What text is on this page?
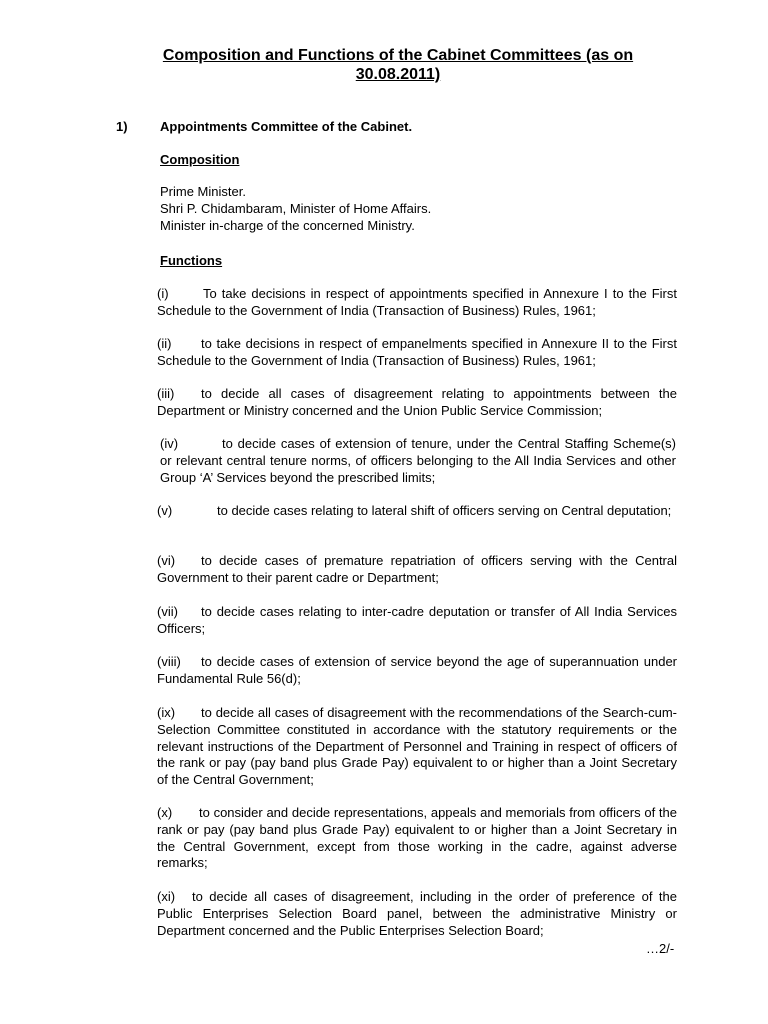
Composition and Functions of the Cabinet Committees (as on 30.08.2011)
1) Appointments Committee of the Cabinet.
Composition
Prime Minister.
Shri P. Chidambaram, Minister of Home Affairs.
Minister in-charge of the concerned Ministry.
Functions
(i)	To take decisions in respect of appointments specified in Annexure I to the First Schedule to the Government of India (Transaction of Business) Rules, 1961;
(ii) to take decisions in respect of empanelments specified in Annexure II to the First Schedule to the Government of India (Transaction of Business) Rules, 1961;
(iii) to decide all cases of disagreement relating to appointments between the Department or Ministry concerned and the Union Public Service Commission;
(iv)	to decide cases of extension of tenure, under the Central Staffing Scheme(s) or relevant central tenure norms, of officers belonging to the All India Services and other Group ‘A’ Services beyond the prescribed limits;
(v)	to decide cases relating to lateral shift of officers serving on Central deputation;
(vi) to decide cases of premature repatriation of officers serving with the Central Government to their parent cadre or Department;
(vii) to decide cases relating to inter-cadre deputation or transfer of All India Services Officers;
(viii) to decide cases of extension of service beyond the age of superannuation under Fundamental Rule 56(d);
(ix) to decide all cases of disagreement with the recommendations of the Search-cum-Selection Committee constituted in accordance with the statutory requirements or the relevant instructions of the Department of Personnel and Training in respect of officers of the rank or pay (pay band plus Grade Pay) equivalent to or higher than a Joint Secretary of the Central Government;
(x) to consider and decide representations, appeals and memorials from officers of the rank or pay (pay band plus Grade Pay) equivalent to or higher than a Joint Secretary in the Central Government, except from those working in the cadre, against adverse remarks;
(xi) to decide all cases of disagreement, including in the order of preference of the Public Enterprises Selection Board panel, between the administrative Ministry or Department concerned and the Public Enterprises Selection Board;
…2/-
